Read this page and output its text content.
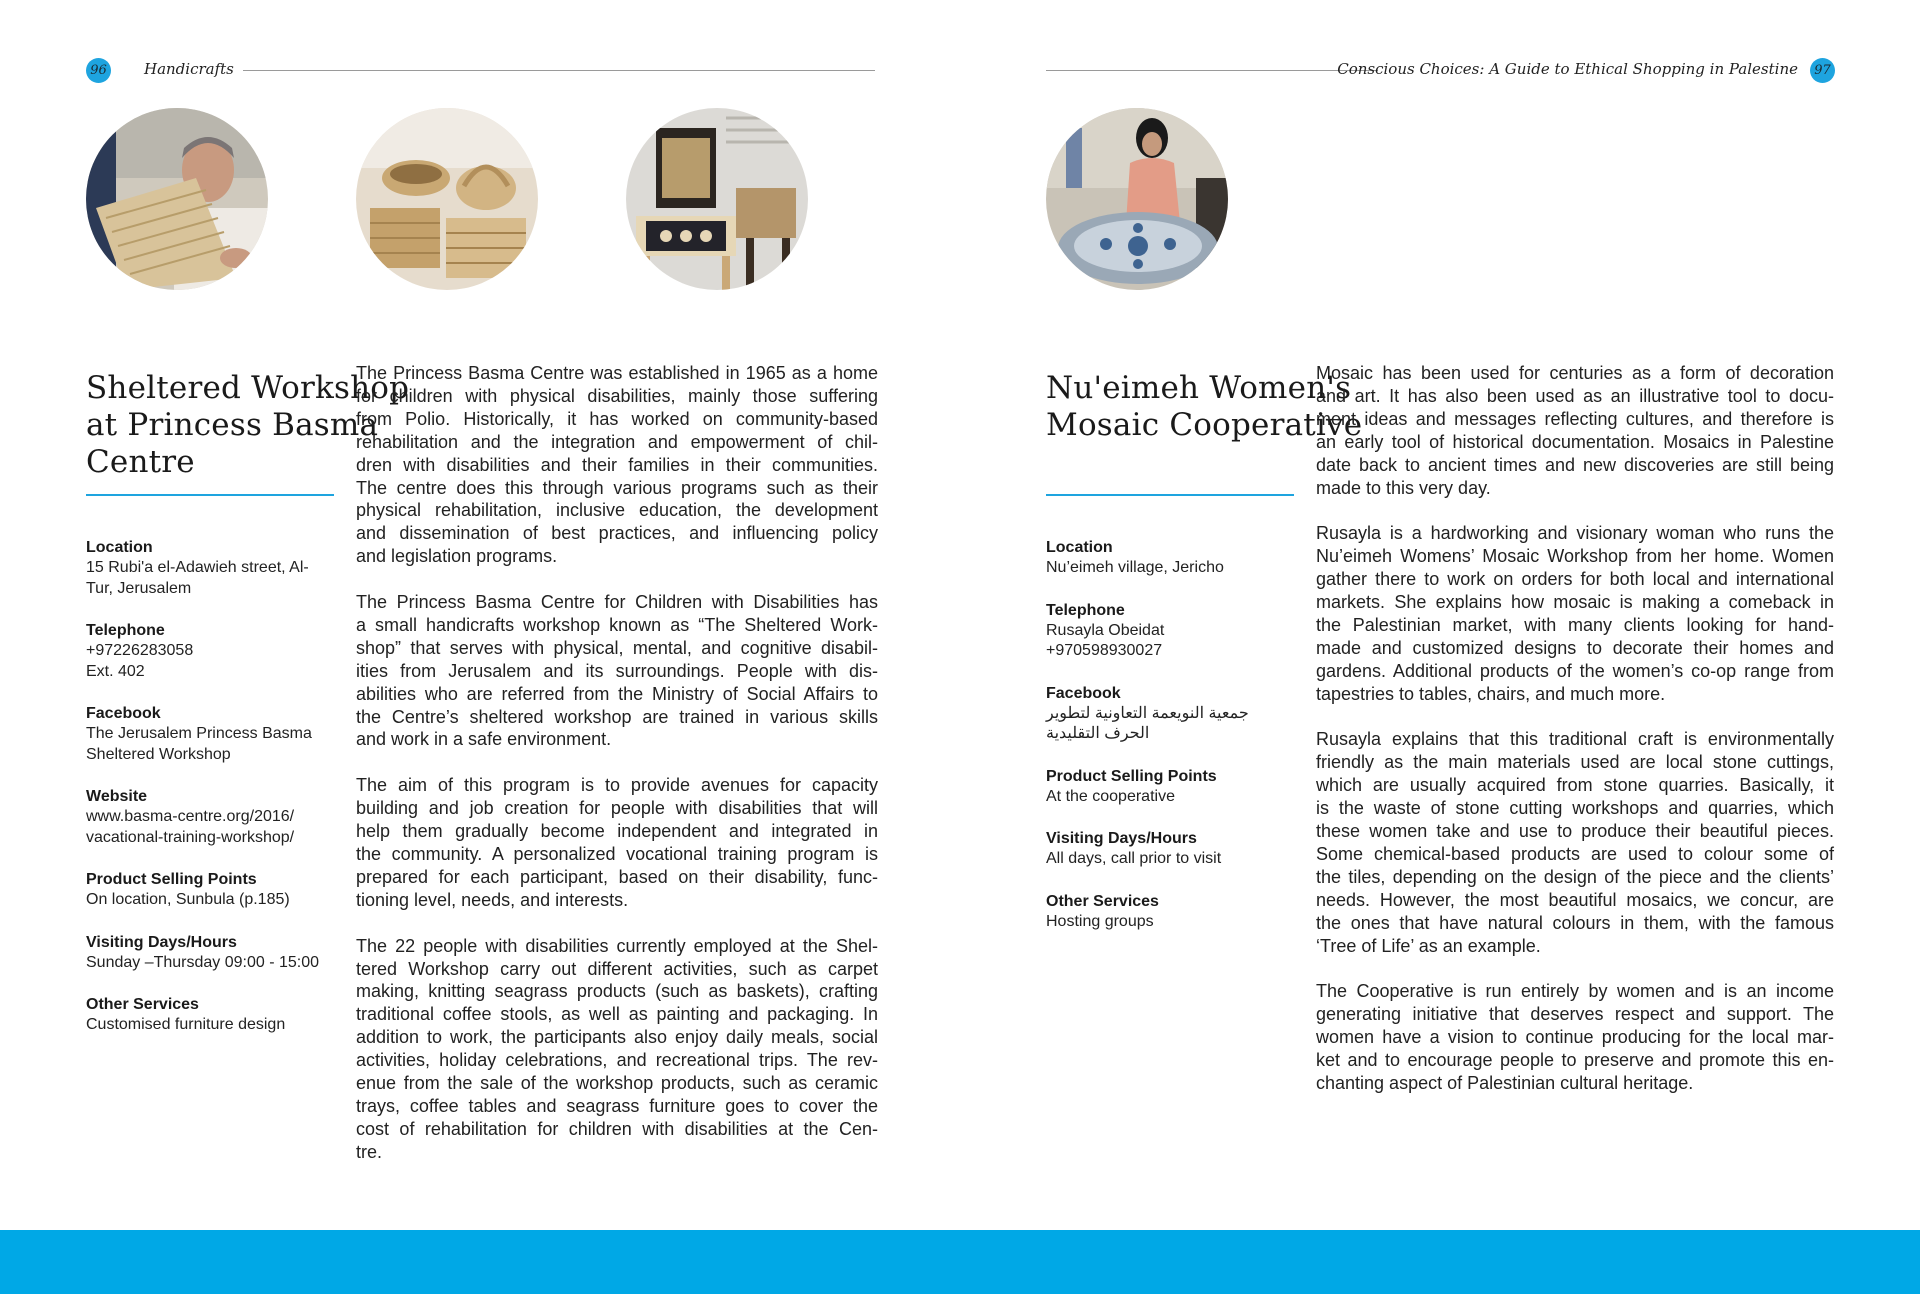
96 Handicrafts	Conscious Choices: A Guide to Ethical Shopping in Palestine	97
Sheltered Workshop
at Princess Basma
Centre
Location
15 Rubi'a el-Adawieh street, Al-
Tur, Jerusalem
Telephone
+97226283058
Ext. 402
Facebook
The Jerusalem Princess Basma
Sheltered Workshop
Website
www.basma-centre.org/2016/
vacational-training-workshop/
Product Selling Points
On location, Sunbula (p.185)
Visiting Days/Hours
Sunday –Thursday 09:00 - 15:00
Other Services
Customised furniture design

The Princess Basma Centre was established in 1965 as a home
for children with physical disabilities, mainly those suffering
from Polio. Historically, it has worked on community-based
rehabilitation and the integration and empowerment of chil-
dren with disabilities and their families in their communities.
The centre does this through various programs such as their
physical rehabilitation, inclusive education, the development
and dissemination of best practices, and influencing policy
and legislation programs.

The Princess Basma Centre for Children with Disabilities has
a small handicrafts workshop known as “The Sheltered Work-
shop” that serves with physical, mental, and cognitive disabil-
ities from Jerusalem and its surroundings. People with dis-
abilities who are referred from the Ministry of Social Affairs to
the Centre’s sheltered workshop are trained in various skills
and work in a safe environment.

The aim of this program is to provide avenues for capacity
building and job creation for people with disabilities that will
help them gradually become independent and integrated in
the community. A personalized vocational training program is
prepared for each participant, based on their disability, func-
tioning level, needs, and interests.

The 22 people with disabilities currently employed at the Shel-
tered Workshop carry out different activities, such as carpet
making, knitting seagrass products (such as baskets), crafting
traditional coffee stools, as well as painting and packaging. In
addition to work, the participants also enjoy daily meals, social
activities, holiday celebrations, and recreational trips. The rev-
enue from the sale of the workshop products, such as ceramic
trays, coffee tables and seagrass furniture goes to cover the
cost of rehabilitation for children with disabilities at the Cen-
tre.

Nu'eimeh Women's
Mosaic Cooperative
Location
Nu’eimeh village, Jericho
Telephone
Rusayla Obeidat
+970598930027
Facebook
جمعية النويعمة التعاونية لتطوير
الحرف التقليدية
Product Selling Points
At the cooperative
Visiting Days/Hours
All days, call prior to visit
Other Services
Hosting groups

Mosaic has been used for centuries as a form of decoration
and art. It has also been used as an illustrative tool to docu-
ment ideas and messages reflecting cultures, and therefore is
an early tool of historical documentation. Mosaics in Palestine
date back to ancient times and new discoveries are still being
made to this very day.

Rusayla is a hardworking and visionary woman who runs the
Nu’eimeh Womens’ Mosaic Workshop from her home. Women
gather there to work on orders for both local and international
markets. She explains how mosaic is making a comeback in
the Palestinian market, with many clients looking for hand-
made and customized designs to decorate their homes and
gardens. Additional products of the women’s co-op range from
tapestries to tables, chairs, and much more.

Rusayla explains that this traditional craft is environmentally
friendly as the main materials used are local stone cuttings,
which are usually acquired from stone quarries. Basically, it
is the waste of stone cutting workshops and quarries, which
these women take and use to produce their beautiful pieces.
Some chemical-based products are used to colour some of
the tiles, depending on the design of the piece and the clients’
needs. However, the most beautiful mosaics, we concur, are
the ones that have natural colours in them, with the famous
‘Tree of Life’ as an example.

The Cooperative is run entirely by women and is an income
generating initiative that deserves respect and support. The
women have a vision to continue producing for the local mar-
ket and to encourage people to preserve and promote this en-
chanting aspect of Palestinian cultural heritage.
